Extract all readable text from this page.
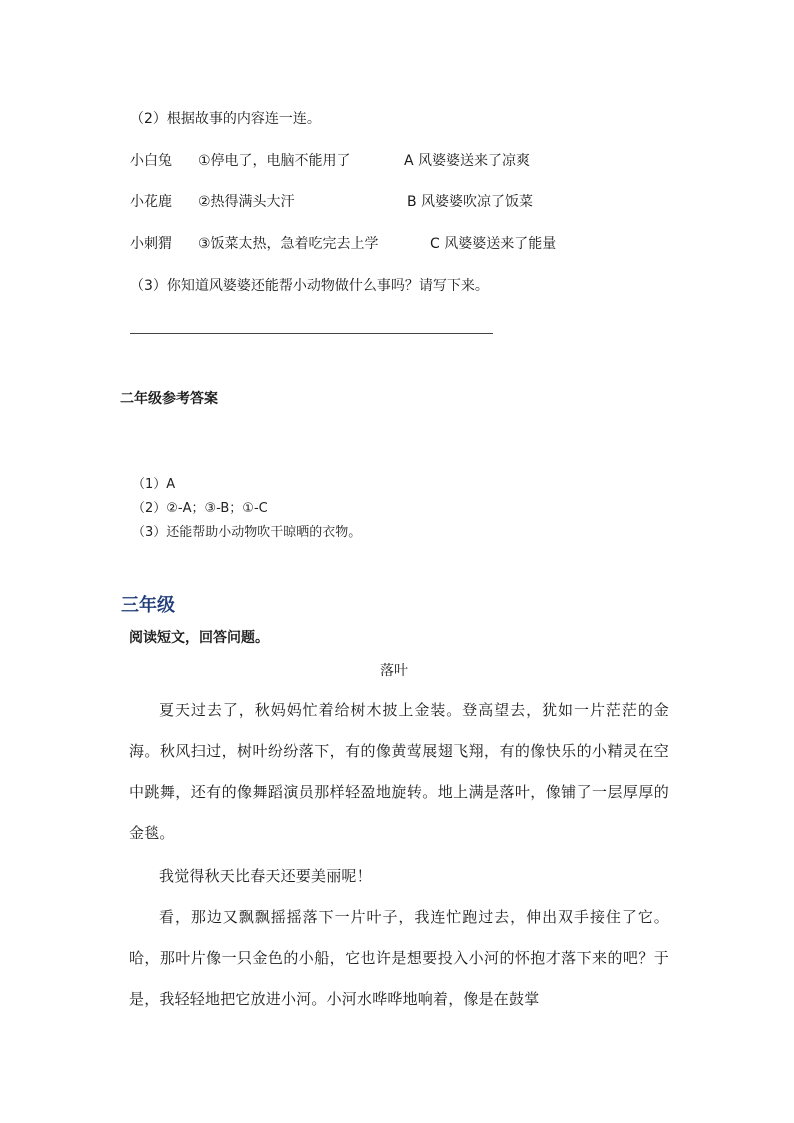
（2）根据故事的内容连一连。
小白兔 ①停电了，电脑不能用了	A 风婆婆送来了凉爽
小花鹿 ②热得满头大汗	B 风婆婆吹凉了饭菜
小刺猬 ③饭菜太热，急着吃完去上学	C 风婆婆送来了能量
（3）你知道风婆婆还能帮小动物做什么事吗？请写下来。
二年级参考答案
（1）A
（2）②-A；③-B；①-C
（3）还能帮助小动物吹干晾晒的衣物。
三年级
阅读短文，回答问题。
落叶
夏天过去了，秋妈妈忙着给树木披上金装。登高望去，犹如一片茫茫的金海。秋风扫过，树叶纷纷落下，有的像黄莺展翅飞翔，有的像快乐的小精灵在空中跳舞，还有的像舞蹈演员那样轻盈地旋转。地上满是落叶，像铺了一层厚厚的金毯。
我觉得秋天比春天还要美丽呢！
看，那边又飘飘摇摇落下一片叶子，我连忙跑过去，伸出双手接住了它。哈，那叶片像一只金色的小船，它也许是想要投入小河的怀抱才落下来的吧？于是，我轻轻地把它放进小河。小河水哗哗地响着，像是在鼓掌
